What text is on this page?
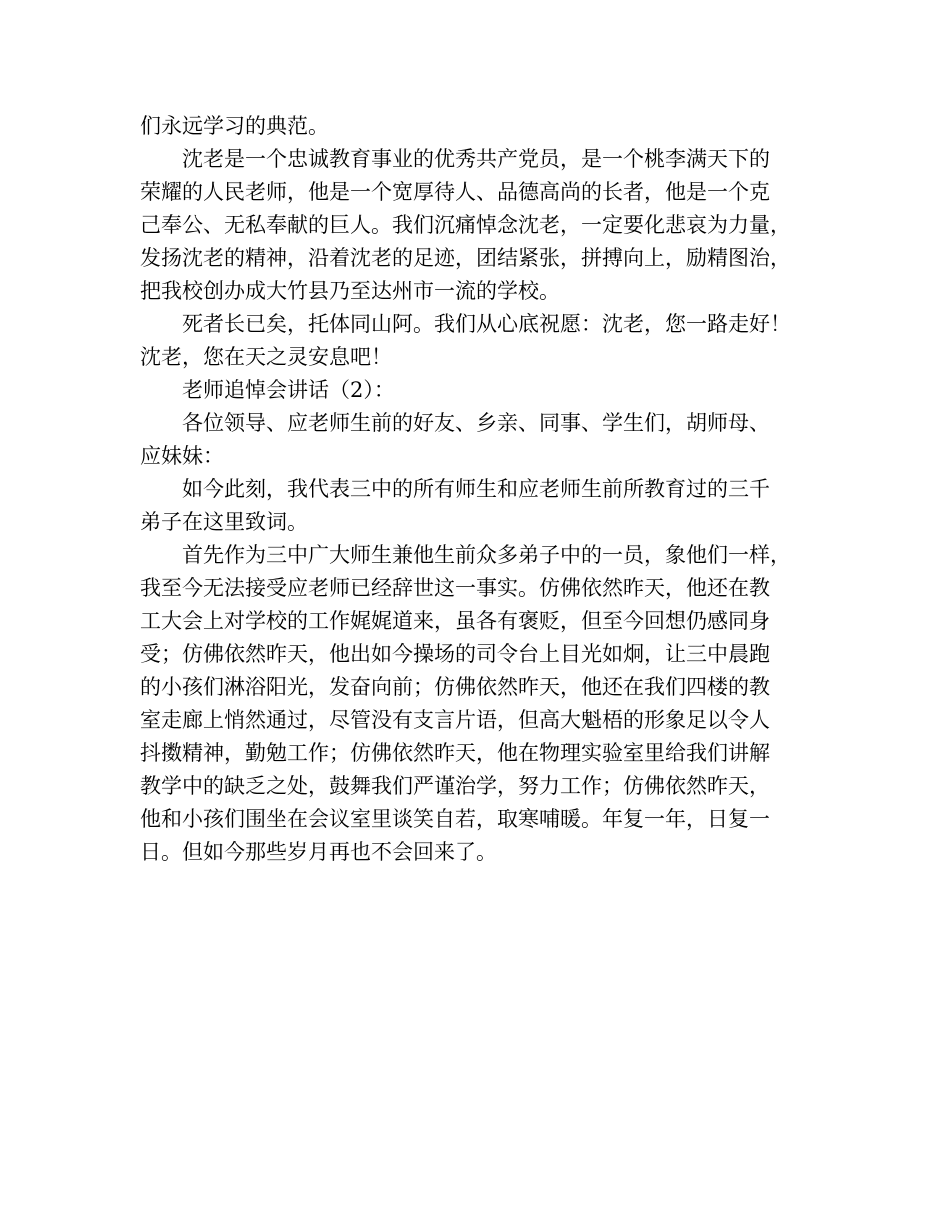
们永远学习的典范。

沈老是一个忠诚教育事业的优秀共产党员，是一个桃李满天下的
荣耀的人民老师，他是一个宽厚待人、品德高尚的长者，他是一个克
己奉公、无私奉献的巨人。我们沉痛悼念沈老，一定要化悲哀为力量，
发扬沈老的精神，沿着沈老的足迹，团结紧张，拼搏向上，励精图治，
把我校创办成大竹县乃至达州市一流的学校。

死者长已矣，托体同山阿。我们从心底祝愿：沈老，您一路走好！
沈老，您在天之灵安息吧！

老师追悼会讲话（2）：

各位领导、应老师生前的好友、乡亲、同事、学生们，胡师母、
应妹妹：

如今此刻，我代表三中的所有师生和应老师生前所教育过的三千
弟子在这里致词。

首先作为三中广大师生兼他生前众多弟子中的一员，象他们一样，
我至今无法接受应老师已经辞世这一事实。仿佛依然昨天，他还在教
工大会上对学校的工作娓娓道来，虽各有褒贬，但至今回想仍感同身
受；仿佛依然昨天，他出如今操场的司令台上目光如炯，让三中晨跑
的小孩们淋浴阳光，发奋向前；仿佛依然昨天，他还在我们四楼的教
室走廊上悄然通过，尽管没有支言片语，但高大魁梧的形象足以令人
抖擞精神，勤勉工作；仿佛依然昨天，他在物理实验室里给我们讲解
教学中的缺乏之处，鼓舞我们严谨治学，努力工作；仿佛依然昨天，
他和小孩们围坐在会议室里谈笑自若，取寒哺暖。年复一年，日复一
日。但如今那些岁月再也不会回来了。
